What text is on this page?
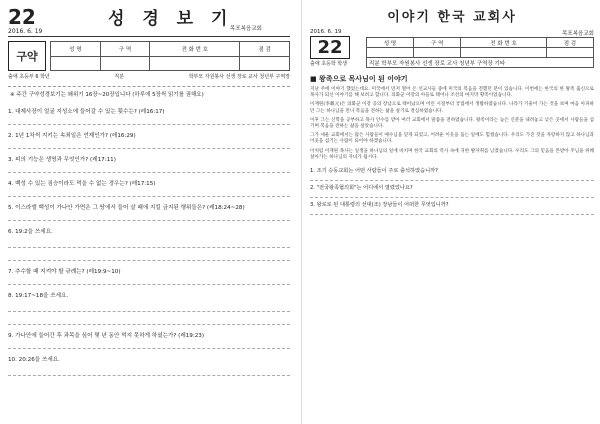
22
2016. 6. 19
성 경 보 기
목포복음교회
구약
성 명	구 역	전 화 번 호	점 검

출애 초등부 6 학년	직분	학부모 자원봉사 선생 장로 교사 청년부 구역장
※ 주간 구약성경보기는 왜위기 16장~20장입니다 (하루에 5장씩 읽기를 권해요)
1. 대제사장이 얼굴 지성소에 들어갈 수 있는 횟수는? (레16:17)
2. 1년 1차씩 지키는 속죄일은 언제인가? (레16:29)
3. 피의 기능은 생명과 무엇인가? (레17:11)
4. 백성 수 있는 짐승이라도 먹을 수 없는 경우는? (레17:15)
5. 이스라엘 백성이 가나안 가면은 그 땅에서 들어 살 때에 지킬 금지된 행위들은? (레18:24~28)
6. 19:2을 쓰세요.
7. 추수할 때 지켜야 할 규례는? (레19:9~10)
8. 19:17~18을 쓰세요.
9. 가나안에 들어간 후 과목을 심어 몇 년 동안 먹지 못하게 하셨는가? (레19:23)
10. 20:26을 쓰세요.
이야기 한국 교회사
2016. 6. 19
22
출애 초등학 학생
목포복음교회
성 명	구 역	전 화 번 호	점 검

직분 학부모 자원봉사 선생 장로 교사 청년부 구역장 기타			
■ 왕족으로 목사님이 된 이야기
지난 주에 이야기 했었는데요. 미국에서 먼저 열어 온 선교사들 중에 미국의 복음을 전했던 분이 있습니다. 이번에는 한국의 한 왕족 출신으로 목사가 되신 이야기를 해 보려고 합니다. 의화군 이강의 아들로 태어나 조선의 마지막 황족이었습니다.
이재원(李載元)은 의화군 이강 공의 장남으로 태어났으며 어린 시절부터 궁궐에서 생활하였습니다. 나라가 기울어 가는 것을 보며 마음 아파하던 그는 하나님을 만나 복음을 전하는 삶을 살기로 결심하였습니다.
이후 그는 신학을 공부하고 목사 안수를 받아 여러 교회에서 말씀을 전하였습니다. 왕족이라는 높은 신분을 내려놓고 낮은 곳에서 사람들을 섬기며 복음을 전하는 삶을 살았습니다.
그가 세운 교회에서는 많은 사람들이 예수님을 믿게 되었고, 어려운 이웃을 돕는 일에도 힘썼습니다. 우리도 가진 것을 자랑하지 않고 하나님과 이웃을 섬기는 사람이 되어야 하겠습니다.
이처럼 이재원 목사는 일생을 하나님의 일에 바치며 한국 교회의 역사 속에 귀한 발자취를 남겼습니다. 우리도 그의 믿음을 본받아 주님을 위해 살아가는 하나님의 자녀가 됩시다.
1. 조기 승동교회는 어떤 사람들이 주로 출석하였습니까?
2. "전국왕족협의회"는 어디에서 열렸었나요?
3. 왕로로 된 대통령의 선대(조) 장남들이 어떠한 무엇입니까?
